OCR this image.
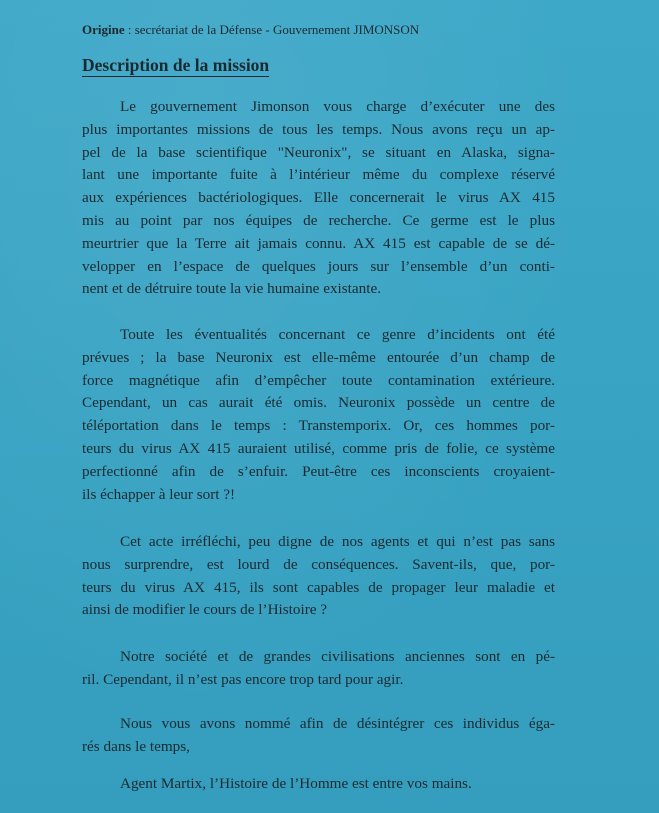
Origine : secrétariat de la Défense - Gouvernement JIMONSON
Description de la mission
Le gouvernement Jimonson vous charge d’exécuter une des
plus importantes missions de tous les temps. Nous avons reçu un ap-
pel de la base scientifique "Neuronix", se situant en Alaska, signa-
lant une importante fuite à l’intérieur même du complexe réservé
aux expériences bactériologiques. Elle concernerait le virus AX 415
mis au point par nos équipes de recherche. Ce germe est le plus
meurtrier que la Terre ait jamais connu. AX 415 est capable de se dé-
velopper en l’espace de quelques jours sur l’ensemble d’un conti-
nent et de détruire toute la vie humaine existante.
Toute les éventualités concernant ce genre d’incidents ont été
prévues ; la base Neuronix est elle-même entourée d’un champ de
force magnétique afin d’empêcher toute contamination extérieure.
Cependant, un cas aurait été omis. Neuronix possède un centre de
téléportation dans le temps : Transtemporix. Or, ces hommes por-
teurs du virus AX 415 auraient utilisé, comme pris de folie, ce système
perfectionné afin de s’enfuir. Peut-être ces inconscients croyaient-
ils échapper à leur sort ?!
Cet acte irréfléchi, peu digne de nos agents et qui n’est pas sans
nous surprendre, est lourd de conséquences. Savent-ils, que, por-
teurs du virus AX 415, ils sont capables de propager leur maladie et
ainsi de modifier le cours de l’Histoire ?
Notre société et de grandes civilisations anciennes sont en pé-
ril. Cependant, il n’est pas encore trop tard pour agir.
Nous vous avons nommé afin de désintégrer ces individus éga-
rés dans le temps,
Agent Martix, l’Histoire de l’Homme est entre vos mains.
